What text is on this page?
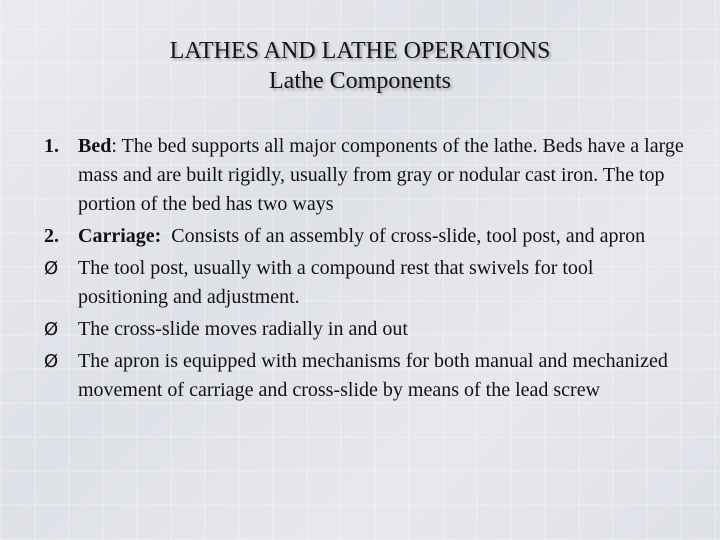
LATHES AND LATHE OPERATIONS

Lathe Components

1. Bed: The bed supports all major components of the lathe. Beds have a large mass and are built rigidly, usually from gray or nodular cast iron. The top portion of the bed has two ways
2. Carriage:  Consists of an assembly of cross-slide, tool post, and apron
Ø The tool post, usually with a compound rest that swivels for tool positioning and adjustment.
Ø The cross-slide moves radially in and out
Ø The apron is equipped with mechanisms for both manual and mechanized movement of carriage and cross-slide by means of the lead screw
